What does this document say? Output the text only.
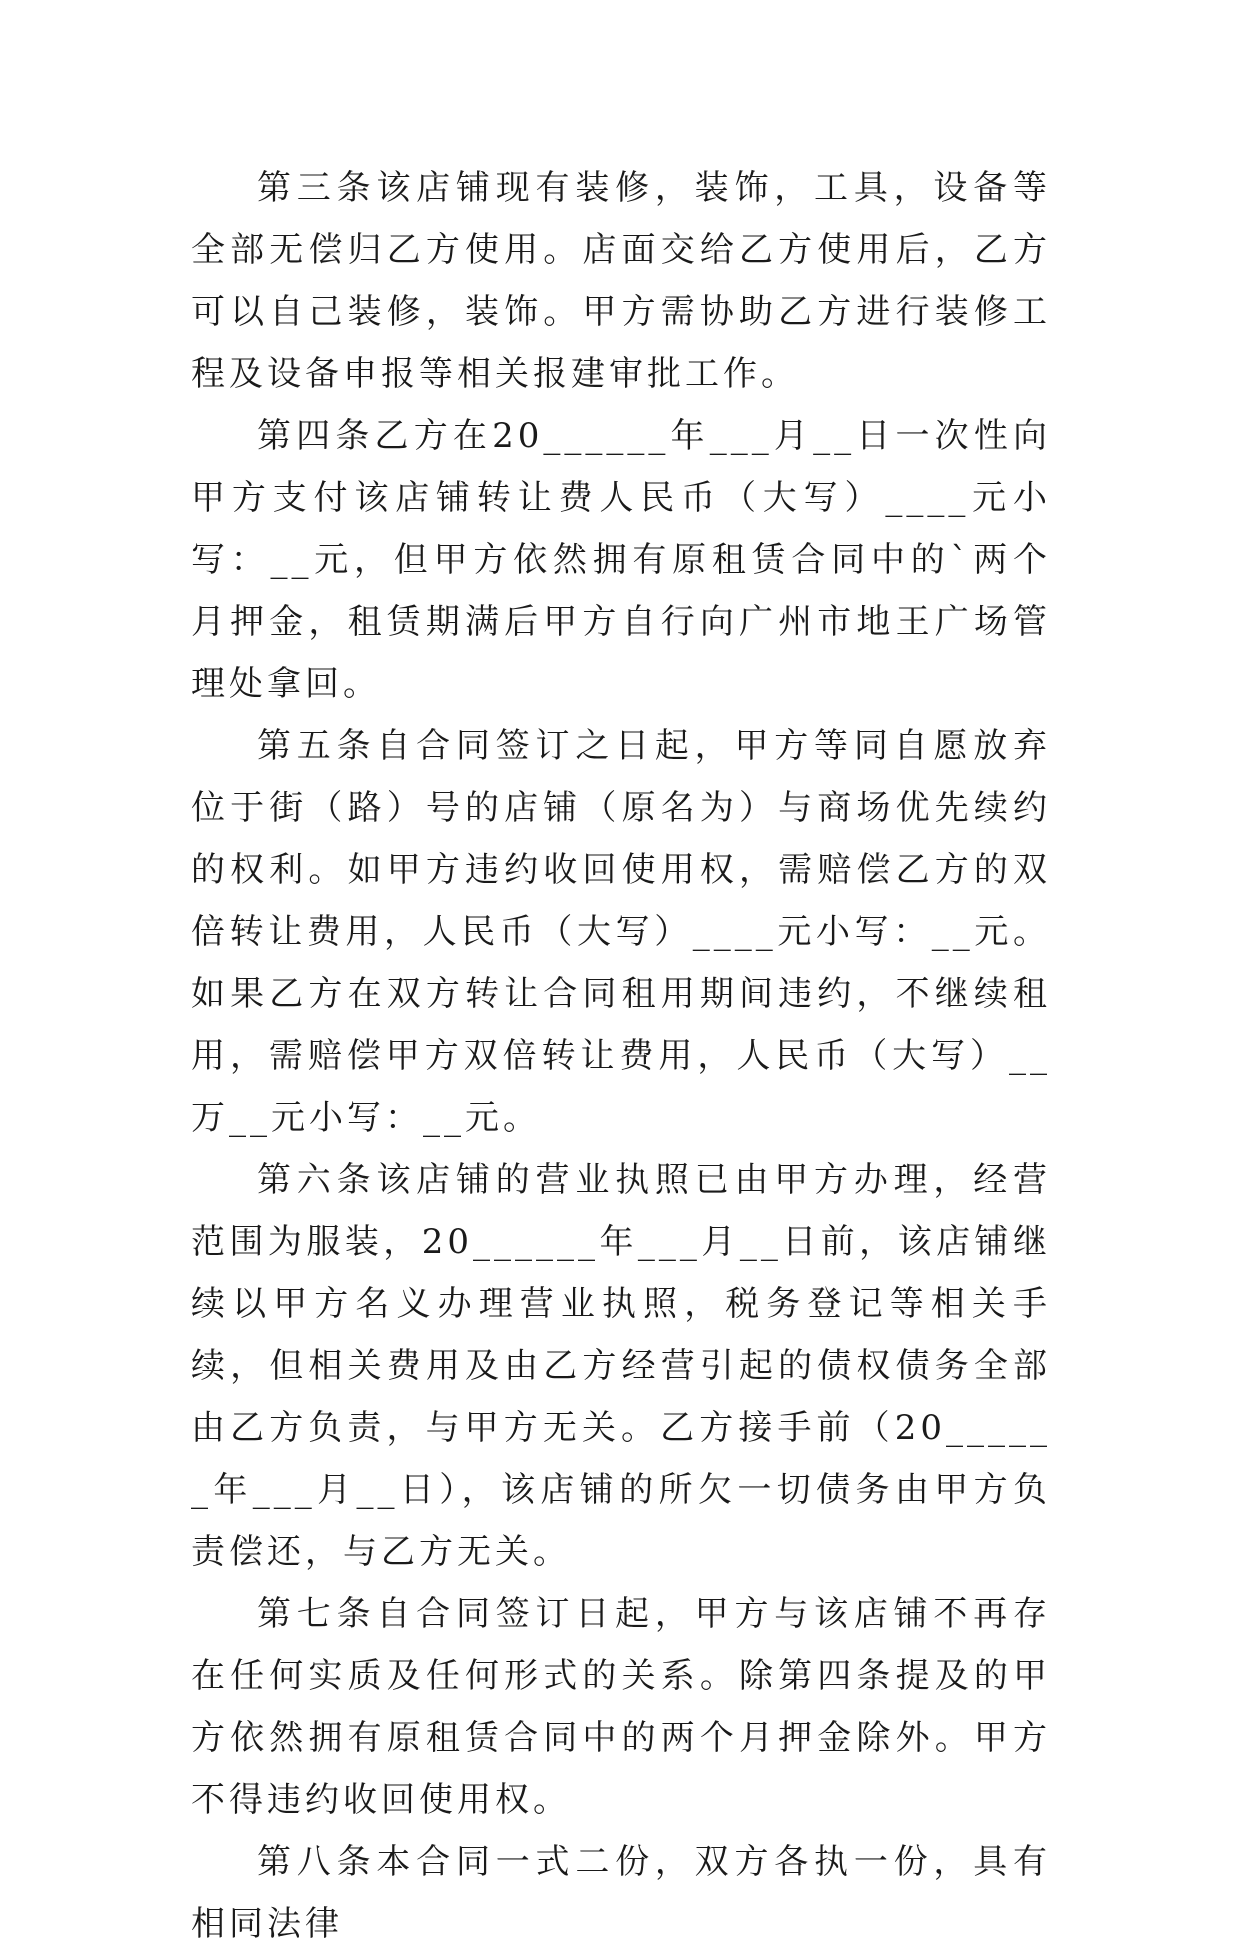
第三条该店铺现有装修，装饰，工具，设备等全部无偿归乙方使用。店面交给乙方使用后，乙方可以自己装修，装饰。甲方需协助乙方进行装修工程及设备申报等相关报建审批工作。

第四条乙方在20______年___月__日一次性向甲方支付该店铺转让费人民币（大写）____元小写：__元，但甲方依然拥有原租赁合同中的`两个月押金，租赁期满后甲方自行向广州市地王广场管理处拿回。

第五条自合同签订之日起，甲方等同自愿放弃位于街（路）号的店铺（原名为）与商场优先续约的权利。如甲方违约收回使用权，需赔偿乙方的双倍转让费用，人民币（大写）____元小写：__元。如果乙方在双方转让合同租用期间违约，不继续租用，需赔偿甲方双倍转让费用，人民币（大写）__万__元小写：__元。

第六条该店铺的营业执照已由甲方办理，经营范围为服装，20______年___月__日前，该店铺继续以甲方名义办理营业执照，税务登记等相关手续，但相关费用及由乙方经营引起的债权债务全部由乙方负责，与甲方无关。乙方接手前（20______年___月__日），该店铺的所欠一切债务由甲方负责偿还，与乙方无关。

第七条自合同签订日起，甲方与该店铺不再存在任何实质及任何形式的关系。除第四条提及的甲方依然拥有原租赁合同中的两个月押金除外。甲方不得违约收回使用权。

第八条本合同一式二份，双方各执一份，具有相同法律
